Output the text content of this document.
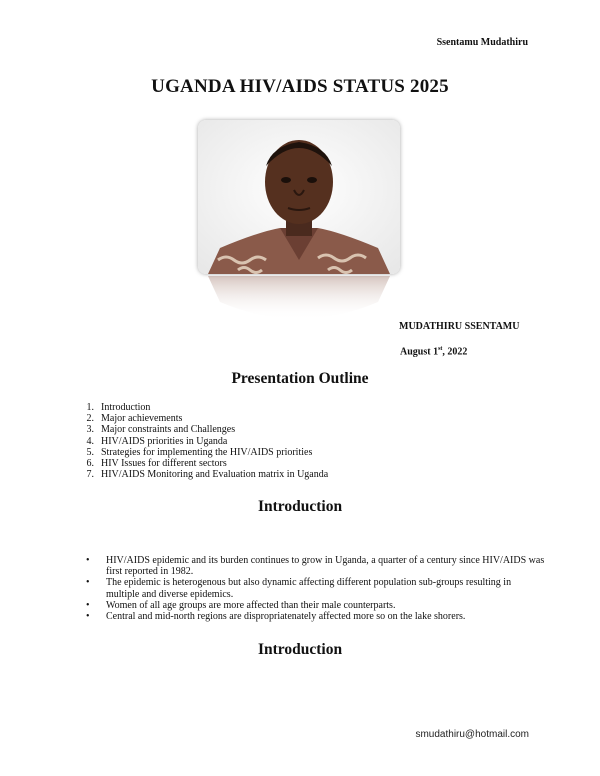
Ssentamu Mudathiru
UGANDA HIV/AIDS STATUS 2025
MUDATHIRU SSENTAMU
August 1st, 2022
Presentation Outline
1. Introduction
2. Major achievements
3. Major constraints and Challenges
4. HIV/AIDS priorities in Uganda
5. Strategies for implementing the HIV/AIDS priorities
6. HIV Issues for different sectors
7. HIV/AIDS Monitoring and Evaluation matrix in Uganda
Introduction
•	HIV/AIDS epidemic and its burden continues to grow in Uganda, a quarter of a century since HIV/AIDS was first reported in 1982.
•	The epidemic is heterogenous but also dynamic affecting different population sub-groups resulting in multiple and diverse epidemics.
•	Women of all age groups are more affected than their male counterparts.
•	Central and mid-north regions are dispropriatenately affected more so on the lake shorers.
Introduction
smudathiru@hotmail.com
